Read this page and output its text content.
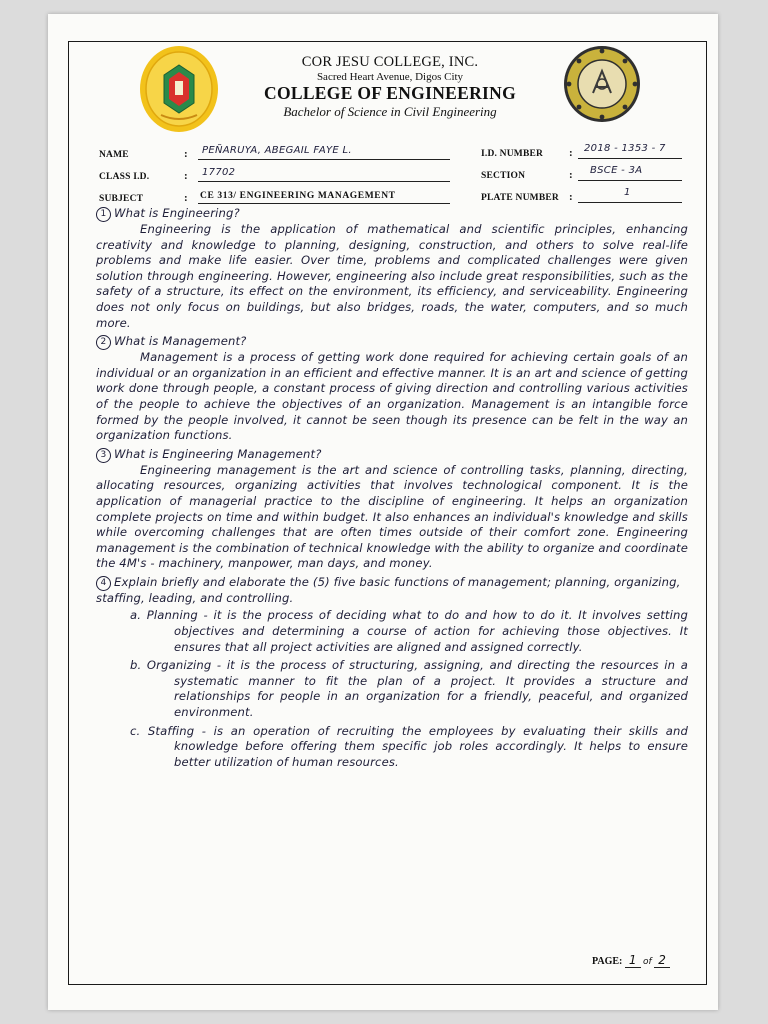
COR JESU COLLEGE, INC.
Sacred Heart Avenue, Digos City
COLLEGE OF ENGINEERING
Bachelor of Science in Civil Engineering
NAME	: PEÑARUYA, ABEGAIL FAYE L.
CLASS I.D.	: 17702
SUBJECT	: CE 313/ ENGINEERING MANAGEMENT
I.D. NUMBER : 2018 - 1353 - 7
SECTION	: BSCE - 3A
PLATE NUMBER :	1
1 What is Engineering?
Engineering is the application of mathematical and scientific principles, enhancing creativity and knowledge to planning, designing, construction, and others to solve real-life problems and make life easier. Over time, problems and complicated challenges were given solution through engineering. However, engineering also include great responsibilities, such as the safety of a structure, its effect on the environment, its efficiency, and serviceability. Engineering does not only focus on buildings, but also bridges, roads, the water, computers, and so much more.
2 What is Management?
Management is a process of getting work done required for achieving certain goals of an individual or an organization in an efficient and effective manner. It is an art and science of getting work done through people, a constant process of giving direction and controlling various activities of the people to achieve the objectives of an organization. Management is an intangible force formed by the people involved, it cannot be seen though its presence can be felt in the way an organization functions.
3 What is Engineering Management?
Engineering management is the art and science of controlling tasks, planning, directing, allocating resources, organizing activities that involves technological component. It is the application of managerial practice to the discipline of engineering. It helps an organization complete projects on time and within budget. It also enhances an individual's knowledge and skills while overcoming challenges that are often times outside of their comfort zone. Engineering management is the combination of technical knowledge with the ability to organize and coordinate the 4M's - machinery, manpower, man days, and money.
4 Explain briefly and elaborate the (5) five basic functions of management; planning, organizing, staffing, leading, and controlling.
a. Planning - it is the process of deciding what to do and how to do it. It involves setting objectives and determining a course of action for achieving those objectives. It ensures that all project activities are aligned and assigned correctly.
b. Organizing - it is the process of structuring, assigning, and directing the resources in a systematic manner to fit the plan of a project. It provides a structure and relationships for people in an organization for a friendly, peaceful, and organized environment.
c. Staffing - is an operation of recruiting the employees by evaluating their skills and knowledge before offering them specific job roles accordingly. It helps to ensure better utilization of human resources.
PAGE: 1 of 2
